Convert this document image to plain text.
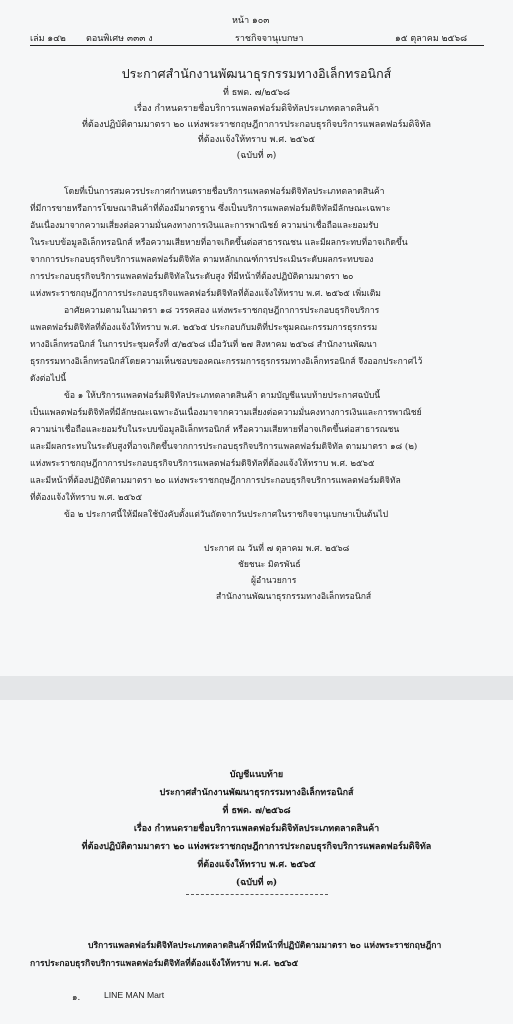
หน้า ๑๐๓
เล่ม ๑๔๒ ตอนพิเศษ ๓๓๓ ง	ราชกิจจานุเบกษา	๑๕ ตุลาคม ๒๕๖๘
ประกาศสำนักงานพัฒนาธุรกรรมทางอิเล็กทรอนิกส์
ที่ ธพด. ๗/๒๕๖๘
เรื่อง กำหนดรายชื่อบริการแพลตฟอร์มดิจิทัลประเภทตลาดสินค้า
ที่ต้องปฏิบัติตามมาตรา ๒๐ แห่งพระราชกฤษฎีกาการประกอบธุรกิจบริการแพลตฟอร์มดิจิทัล
ที่ต้องแจ้งให้ทราบ พ.ศ. ๒๕๖๕
(ฉบับที่ ๓)
โดยที่เป็นการสมควรประกาศกำหนดรายชื่อบริการแพลตฟอร์มดิจิทัลประเภทตลาดสินค้า
ที่มีการขายหรือการโฆษณาสินค้าที่ต้องมีมาตรฐาน ซึ่งเป็นบริการแพลตฟอร์มดิจิทัลมีลักษณะเฉพาะ
อันเนื่องมาจากความเสี่ยงต่อความมั่นคงทางการเงินและการพาณิชย์ ความน่าเชื่อถือและยอมรับ
ในระบบข้อมูลอิเล็กทรอนิกส์ หรือความเสียหายที่อาจเกิดขึ้นต่อสาธารณชน และมีผลกระทบที่อาจเกิดขึ้น
จากการประกอบธุรกิจบริการแพลตฟอร์มดิจิทัล ตามหลักเกณฑ์การประเมินระดับผลกระทบของ
การประกอบธุรกิจบริการแพลตฟอร์มดิจิทัลในระดับสูง ที่มีหน้าที่ต้องปฏิบัติตามมาตรา ๒๐
แห่งพระราชกฤษฎีกาการประกอบธุรกิจแพลตฟอร์มดิจิทัลที่ต้องแจ้งให้ทราบ พ.ศ. ๒๕๖๕ เพิ่มเติม
อาศัยความตามในมาตรา ๑๘ วรรคสอง แห่งพระราชกฤษฎีกาการประกอบธุรกิจบริการ
แพลตฟอร์มดิจิทัลที่ต้องแจ้งให้ทราบ พ.ศ. ๒๕๖๕ ประกอบกับมติที่ประชุมคณะกรรมการธุรกรรม
ทางอิเล็กทรอนิกส์ ในการประชุมครั้งที่ ๕/๒๕๖๘ เมื่อวันที่ ๒๗ สิงหาคม ๒๕๖๘ สำนักงานพัฒนา
ธุรกรรมทางอิเล็กทรอนิกส์โดยความเห็นชอบของคณะกรรมการธุรกรรมทางอิเล็กทรอนิกส์ จึงออกประกาศไว้
ดังต่อไปนี้
ข้อ ๑ ให้บริการแพลตฟอร์มดิจิทัลประเภทตลาดสินค้า ตามบัญชีแนบท้ายประกาศฉบับนี้
เป็นแพลตฟอร์มดิจิทัลที่มีลักษณะเฉพาะอันเนื่องมาจากความเสี่ยงต่อความมั่นคงทางการเงินและการพาณิชย์
ความน่าเชื่อถือและยอมรับในระบบข้อมูลอิเล็กทรอนิกส์ หรือความเสียหายที่อาจเกิดขึ้นต่อสาธารณชน
และมีผลกระทบในระดับสูงที่อาจเกิดขึ้นจากการประกอบธุรกิจบริการแพลตฟอร์มดิจิทัล ตามมาตรา ๑๘ (๒)
แห่งพระราชกฤษฎีกาการประกอบธุรกิจบริการแพลตฟอร์มดิจิทัลที่ต้องแจ้งให้ทราบ พ.ศ. ๒๕๖๕
และมีหน้าที่ต้องปฏิบัติตามมาตรา ๒๐ แห่งพระราชกฤษฎีกาการประกอบธุรกิจบริการแพลตฟอร์มดิจิทัล
ที่ต้องแจ้งให้ทราบ พ.ศ. ๒๕๖๕
ข้อ ๒ ประกาศนี้ให้มีผลใช้บังคับตั้งแต่วันถัดจากวันประกาศในราชกิจจานุเบกษาเป็นต้นไป
ประกาศ ณ วันที่ ๗ ตุลาคม พ.ศ. ๒๕๖๘
ชัยชนะ มิตรพันธ์
ผู้อำนวยการ
สำนักงานพัฒนาธุรกรรมทางอิเล็กทรอนิกส์
บัญชีแนบท้าย
ประกาศสำนักงานพัฒนาธุรกรรมทางอิเล็กทรอนิกส์
ที่ ธพด. ๗/๒๕๖๘
เรื่อง กำหนดรายชื่อบริการแพลตฟอร์มดิจิทัลประเภทตลาดสินค้า
ที่ต้องปฏิบัติตามมาตรา ๒๐ แห่งพระราชกฤษฎีกาการประกอบธุรกิจบริการแพลตฟอร์มดิจิทัล
ที่ต้องแจ้งให้ทราบ พ.ศ. ๒๕๖๕
(ฉบับที่ ๓)
บริการแพลตฟอร์มดิจิทัลประเภทตลาดสินค้าที่มีหน้าที่ปฏิบัติตามมาตรา ๒๐ แห่งพระราชกฤษฎีกา
การประกอบธุรกิจบริการแพลตฟอร์มดิจิทัลที่ต้องแจ้งให้ทราบ พ.ศ. ๒๕๖๕
๑.	LINE MAN Mart
